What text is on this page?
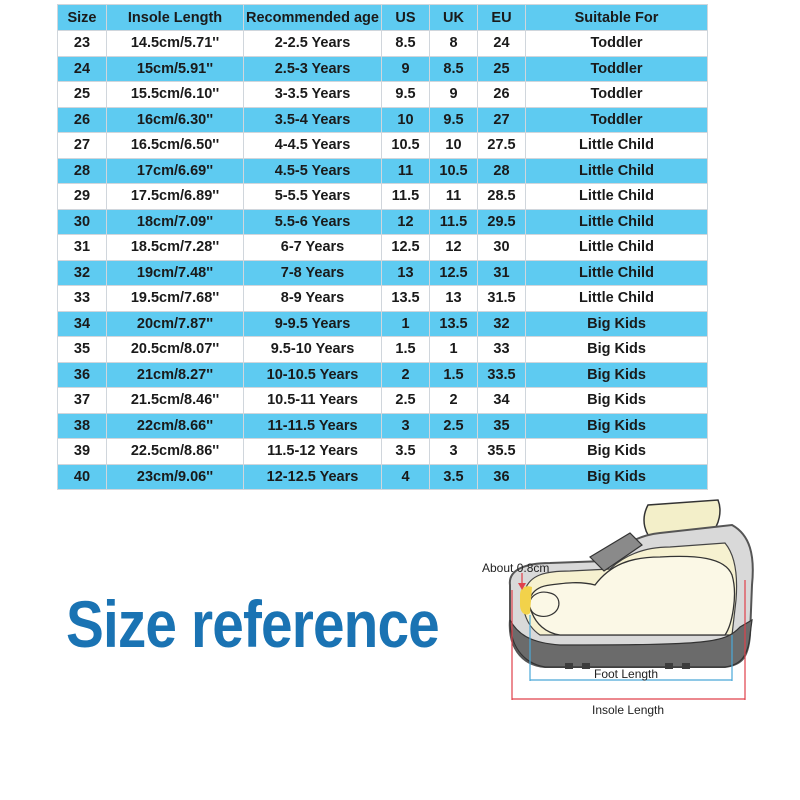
Size	Insole Length	Recommended age	US	UK	EU	Suitable For
23	14.5cm/5.71''	2-2.5 Years	8.5	8	24	Toddler
24	15cm/5.91''	2.5-3 Years	9	8.5	25	Toddler
25	15.5cm/6.10''	3-3.5 Years	9.5	9	26	Toddler
26	16cm/6.30''	3.5-4 Years	10	9.5	27	Toddler
27	16.5cm/6.50''	4-4.5 Years	10.5	10	27.5	Little Child
28	17cm/6.69''	4.5-5 Years	11	10.5	28	Little Child
29	17.5cm/6.89''	5-5.5 Years	11.5	11	28.5	Little Child
30	18cm/7.09''	5.5-6 Years	12	11.5	29.5	Little Child
31	18.5cm/7.28''	6-7 Years	12.5	12	30	Little Child
32	19cm/7.48''	7-8 Years	13	12.5	31	Little Child
33	19.5cm/7.68''	8-9 Years	13.5	13	31.5	Little Child
34	20cm/7.87''	9-9.5 Years	1	13.5	32	Big Kids
35	20.5cm/8.07''	9.5-10 Years	1.5	1	33	Big Kids
36	21cm/8.27''	10-10.5 Years	2	1.5	33.5	Big Kids
37	21.5cm/8.46''	10.5-11 Years	2.5	2	34	Big Kids
38	22cm/8.66''	11-11.5 Years	3	2.5	35	Big Kids
39	22.5cm/8.86''	11.5-12 Years	3.5	3	35.5	Big Kids
40	23cm/9.06''	12-12.5 Years	4	3.5	36	Big Kids
Size reference
About 0.8cm
Foot Length
Insole Length
